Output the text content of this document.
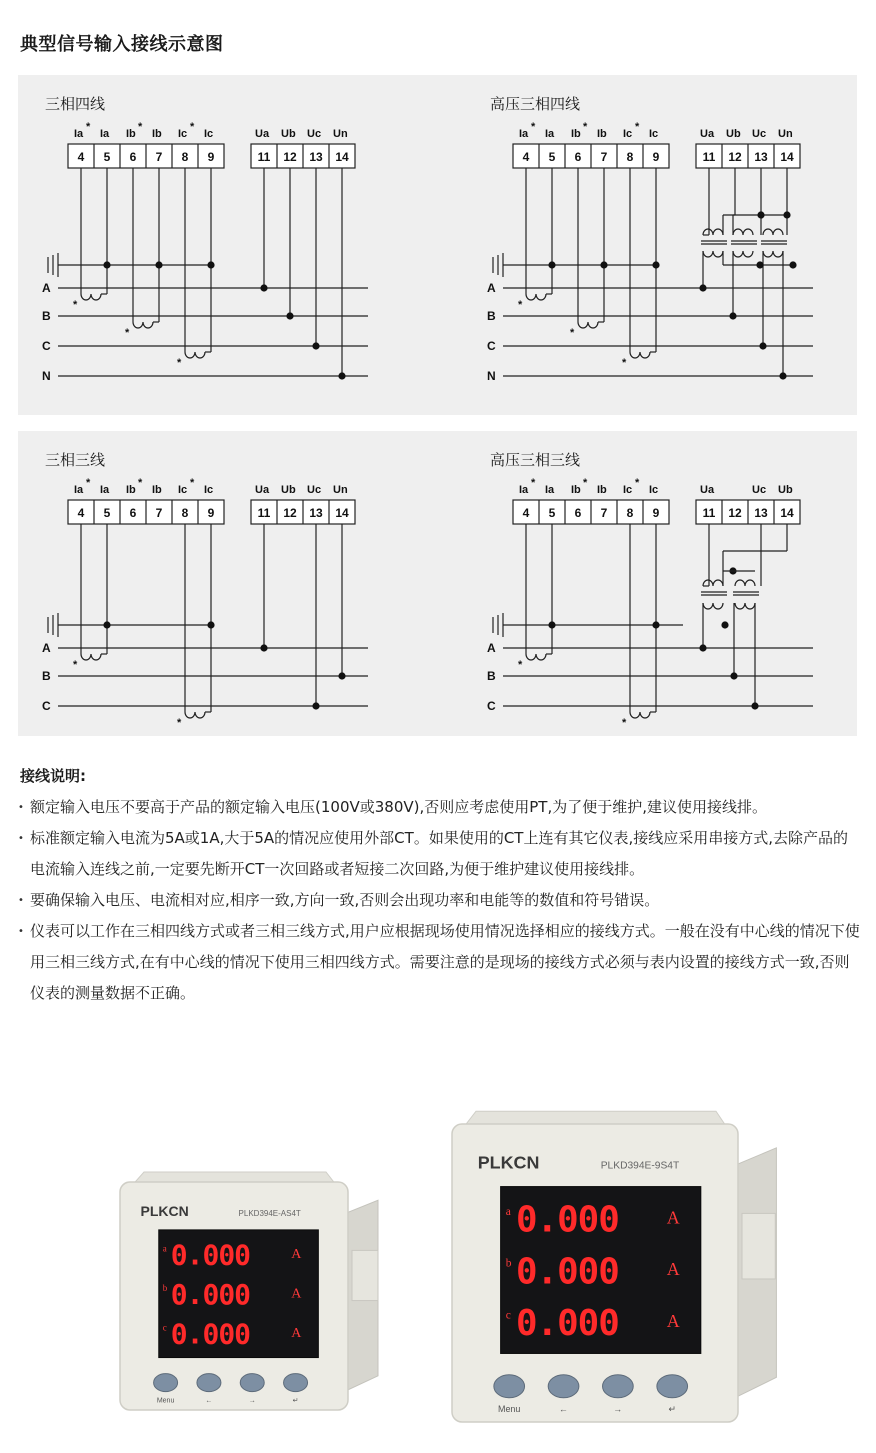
典型信号输入接线示意图
三相四线
Ia
*
Ia Ib
*
Ib Ic
*
Ic	Ua Ub Uc Un
4 5 6 7 8 9	11 12 13 14
A
B
C
N
*
*
*
高压三相四线
Ia
*
Ia Ib
*
Ib Ic
*
Ic	Ua Ub Uc Un
4 5 6 7 8 9	11 12 13 14
A
B
C
N
*
*
*
三相三线
Ia
*
Ia Ib
*
Ib Ic
*
Ic	Ua Ub Uc Un
4 5 6 7 8 9	11 12 13 14
A
B
C
*
*
高压三相三线
Ia
*
Ia Ib
*
Ib Ic
*
Ic	Ua	Uc Ub
4 5 6 7 8 9	11 12 13 14
A
B
C
*
*
接线说明:
• 额定输入电压不要高于产品的额定输入电压(100V或380V),否则应考虑使用PT,为了便于维护,建议使用接线排。
• 标准额定输入电流为5A或1A,大于5A的情况应使用外部CT。如果使用的CT上连有其它仪表,接线应采用串接方式,去除产品的电流输入连线之前,一定要先断开CT一次回路或者短接二次回路,为便于维护建议使用接线排。
• 要确保输入电压、电流相对应,相序一致,方向一致,否则会出现功率和电能等的数值和符号错误。
• 仪表可以工作在三相四线方式或者三相三线方式,用户应根据现场使用情况选择相应的接线方式。一般在没有中心线的情况下使用三相三线方式,在有中心线的情况下使用三相四线方式。需要注意的是现场的接线方式必须与表内设置的接线方式一致,否则仪表的测量数据不正确。
PLKCN	PLKD394E-AS4T
a 0.000	A
b 0.000	A
c 0.000	A
Menu	←	→	↵
PLKCN	PLKD394E-9S4T
a 0.000	A
b 0.000	A
c 0.000	A
Menu	←	→	↵
